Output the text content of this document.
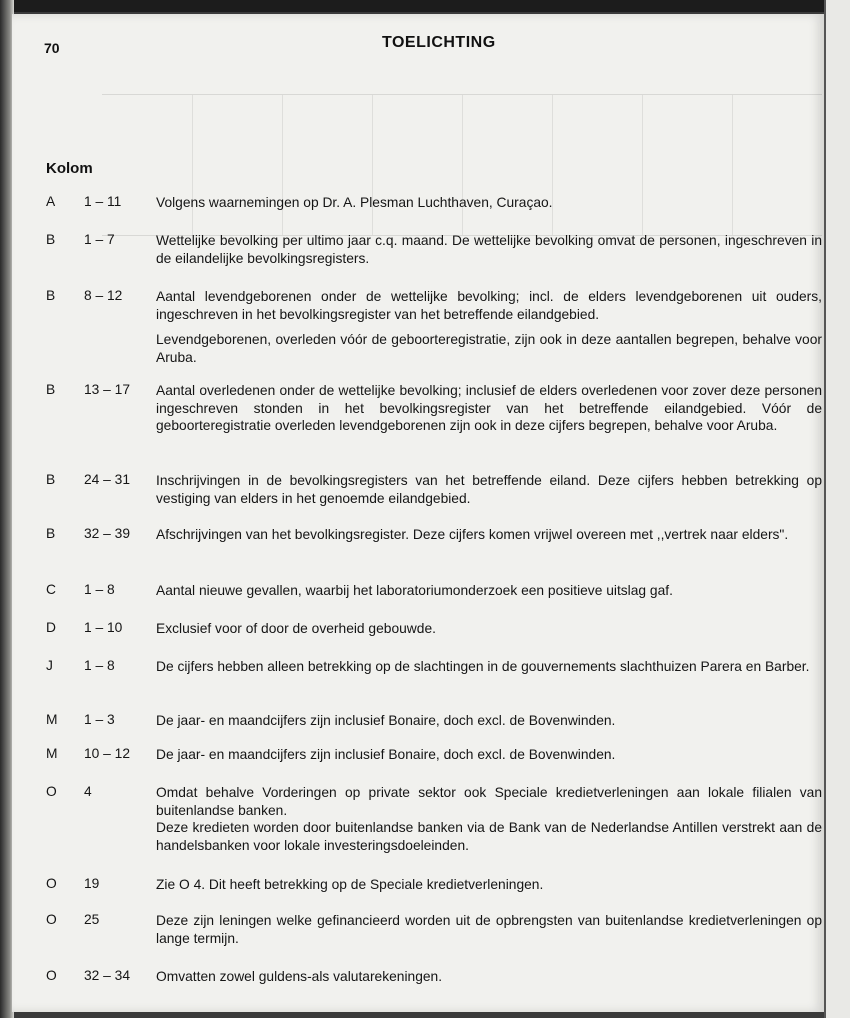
70	TOELICHTING
Kolom
A 1 – 11	Volgens waarnemingen op Dr. A. Plesman Luchthaven, Curaçao.

B 1 – 7	Wettelijke bevolking per ultimo jaar c.q. maand. De wettelijke bevolking omvat de personen, ingeschreven in de eilandelijke bevolkingsregisters.

B 8 – 12	Aantal levendgeborenen onder de wettelijke bevolking; incl. de elders levendgeborenen uit ouders, ingeschreven in het bevolkingsregister van het betreffende eilandgebied.

Levendgeborenen, overleden vóór de geboorteregistratie, zijn ook in deze aantallen begrepen, behalve voor Aruba.

B 13 – 17	Aantal overledenen onder de wettelijke bevolking; inclusief de elders overledenen voor zover deze personen ingeschreven stonden in het bevolkingsregister van het betreffende eilandgebied. Vóór de geboorteregistratie overleden levendgeborenen zijn ook in deze cijfers begrepen, behalve voor Aruba.

B 24 – 31	Inschrijvingen in de bevolkingsregisters van het betreffende eiland. Deze cijfers hebben betrekking op vestiging van elders in het genoemde eilandgebied.

B 32 – 39	Afschrijvingen van het bevolkingsregister. Deze cijfers komen vrijwel overeen met ,,vertrek naar elders".

C 1 – 8	Aantal nieuwe gevallen, waarbij het laboratoriumonderzoek een positieve uitslag gaf.

D 1 – 10	Exclusief voor of door de overheid gebouwde.

J 1 – 8	De cijfers hebben alleen betrekking op de slachtingen in de gouvernements slachthuizen Parera en Barber.

M 1 – 3	De jaar- en maandcijfers zijn inclusief Bonaire, doch excl. de Bovenwinden.

M 10 – 12	De jaar- en maandcijfers zijn inclusief Bonaire, doch excl. de Bovenwinden.

O 4	Omdat behalve Vorderingen op private sektor ook Speciale kredietverleningen aan lokale filialen van buitenlandse banken.

Deze kredieten worden door buitenlandse banken via de Bank van de Nederlandse Antillen verstrekt aan de handelsbanken voor lokale investeringsdoeleinden.

O 19	Zie O 4. Dit heeft betrekking op de Speciale kredietverleningen.

O 25	Deze zijn leningen welke gefinancieerd worden uit de opbrengsten van buitenlandse kredietverleningen op lange termijn.

O 32 – 34	Omvatten zowel guldens-als valutarekeningen.
